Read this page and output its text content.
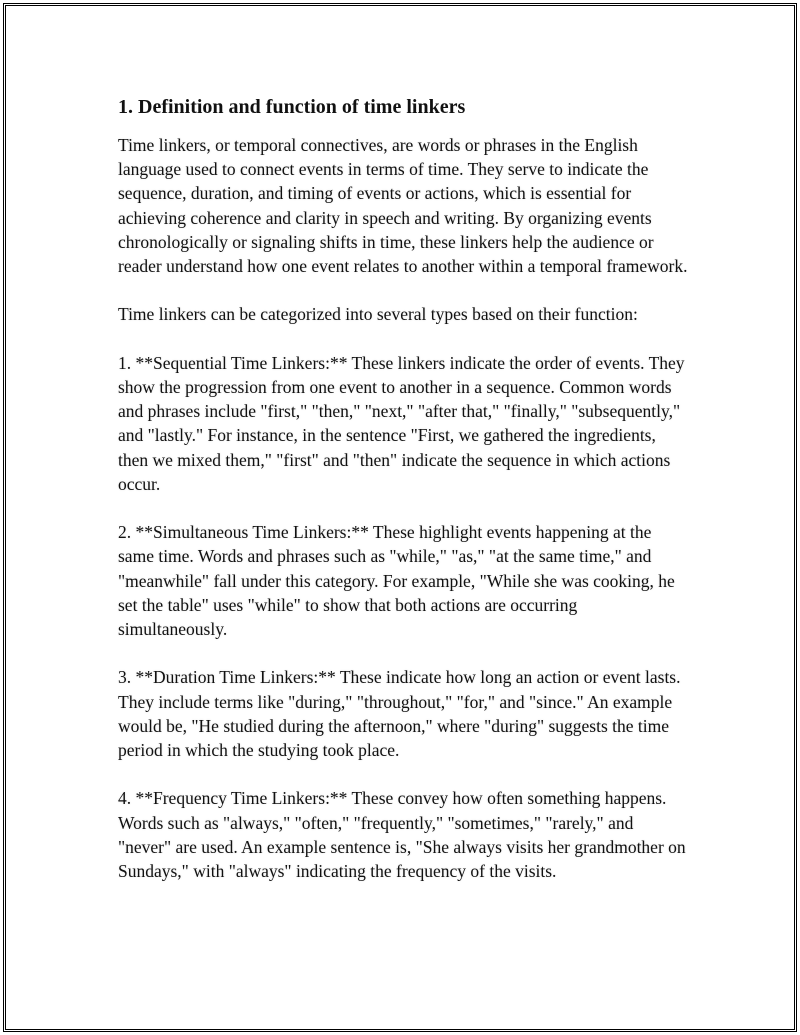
1. Definition and function of time linkers

Time linkers, or temporal connectives, are words or phrases in the English language used to connect events in terms of time. They serve to indicate the sequence, duration, and timing of events or actions, which is essential for achieving coherence and clarity in speech and writing. By organizing events chronologically or signaling shifts in time, these linkers help the audience or reader understand how one event relates to another within a temporal framework.

Time linkers can be categorized into several types based on their function:

1. **Sequential Time Linkers:** These linkers indicate the order of events. They show the progression from one event to another in a sequence. Common words and phrases include "first," "then," "next," "after that," "finally," "subsequently," and "lastly." For instance, in the sentence "First, we gathered the ingredients, then we mixed them," "first" and "then" indicate the sequence in which actions occur.

2. **Simultaneous Time Linkers:** These highlight events happening at the same time. Words and phrases such as "while," "as," "at the same time," and "meanwhile" fall under this category. For example, "While she was cooking, he set the table" uses "while" to show that both actions are occurring simultaneously.

3. **Duration Time Linkers:** These indicate how long an action or event lasts. They include terms like "during," "throughout," "for," and "since." An example would be, "He studied during the afternoon," where "during" suggests the time period in which the studying took place.

4. **Frequency Time Linkers:** These convey how often something happens. Words such as "always," "often," "frequently," "sometimes," "rarely," and "never" are used. An example sentence is, "She always visits her grandmother on Sundays," with "always" indicating the frequency of the visits.
